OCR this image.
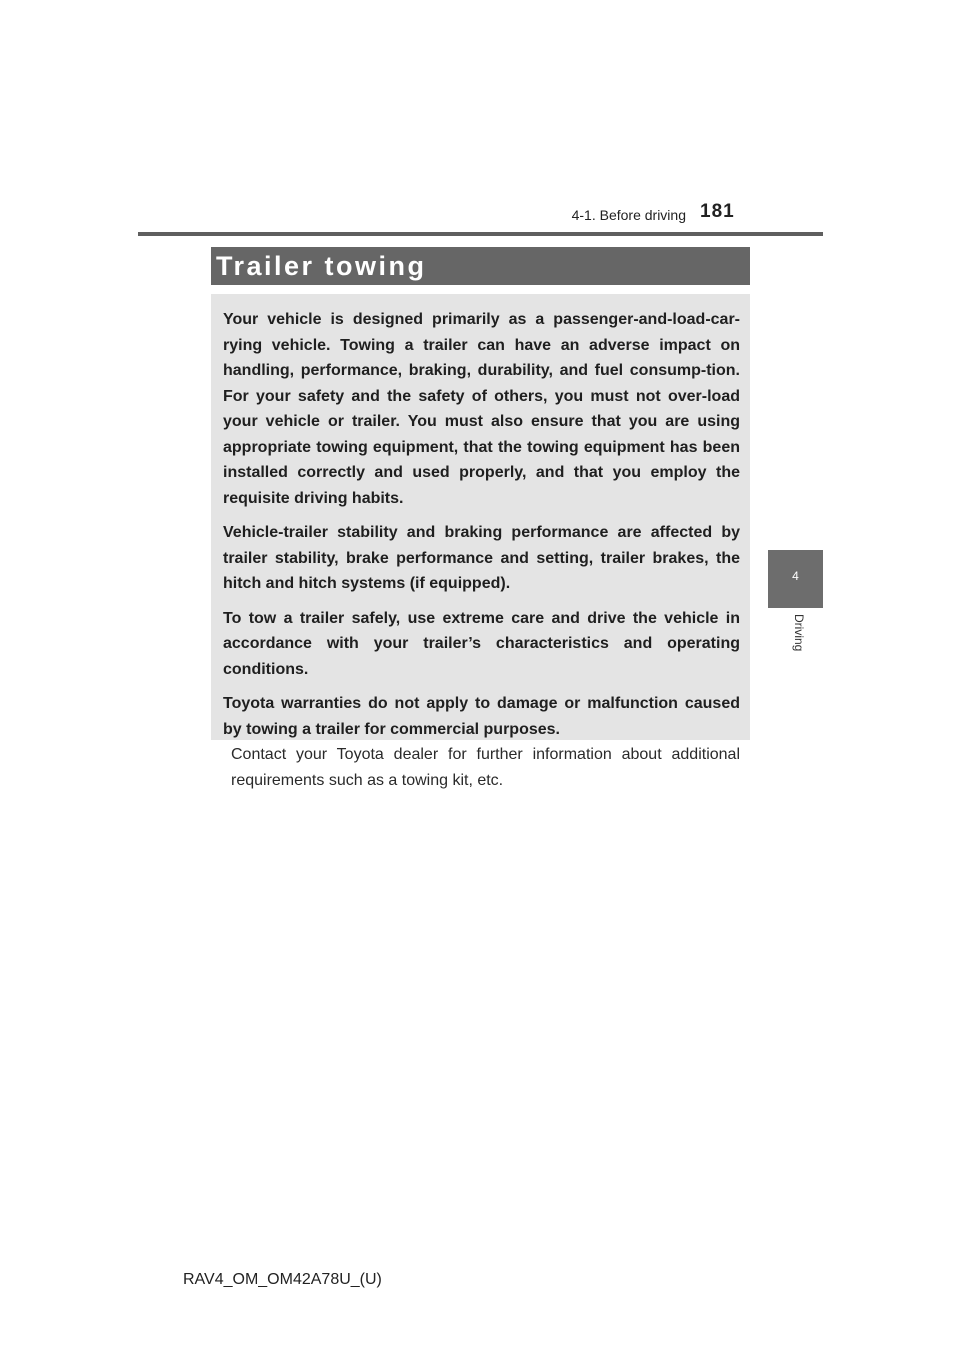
4-1. Before driving 181
4
Driving
Trailer towing

Your vehicle is designed primarily as a passenger-and-load-car-rying vehicle. Towing a trailer can have an adverse impact on handling, performance, braking, durability, and fuel consump-tion. For your safety and the safety of others, you must not over-load your vehicle or trailer. You must also ensure that you are using appropriate towing equipment, that the towing equipment has been installed correctly and used properly, and that you employ the requisite driving habits.

Vehicle-trailer stability and braking performance are affected by trailer stability, brake performance and setting, trailer brakes, the hitch and hitch systems (if equipped).

To tow a trailer safely, use extreme care and drive the vehicle in accordance with your trailer’s characteristics and operating conditions.

Toyota warranties do not apply to damage or malfunction caused by towing a trailer for commercial purposes.

Contact your Toyota dealer for further information about additional requirements such as a towing kit, etc.

RAV4_OM_OM42A78U_(U)
